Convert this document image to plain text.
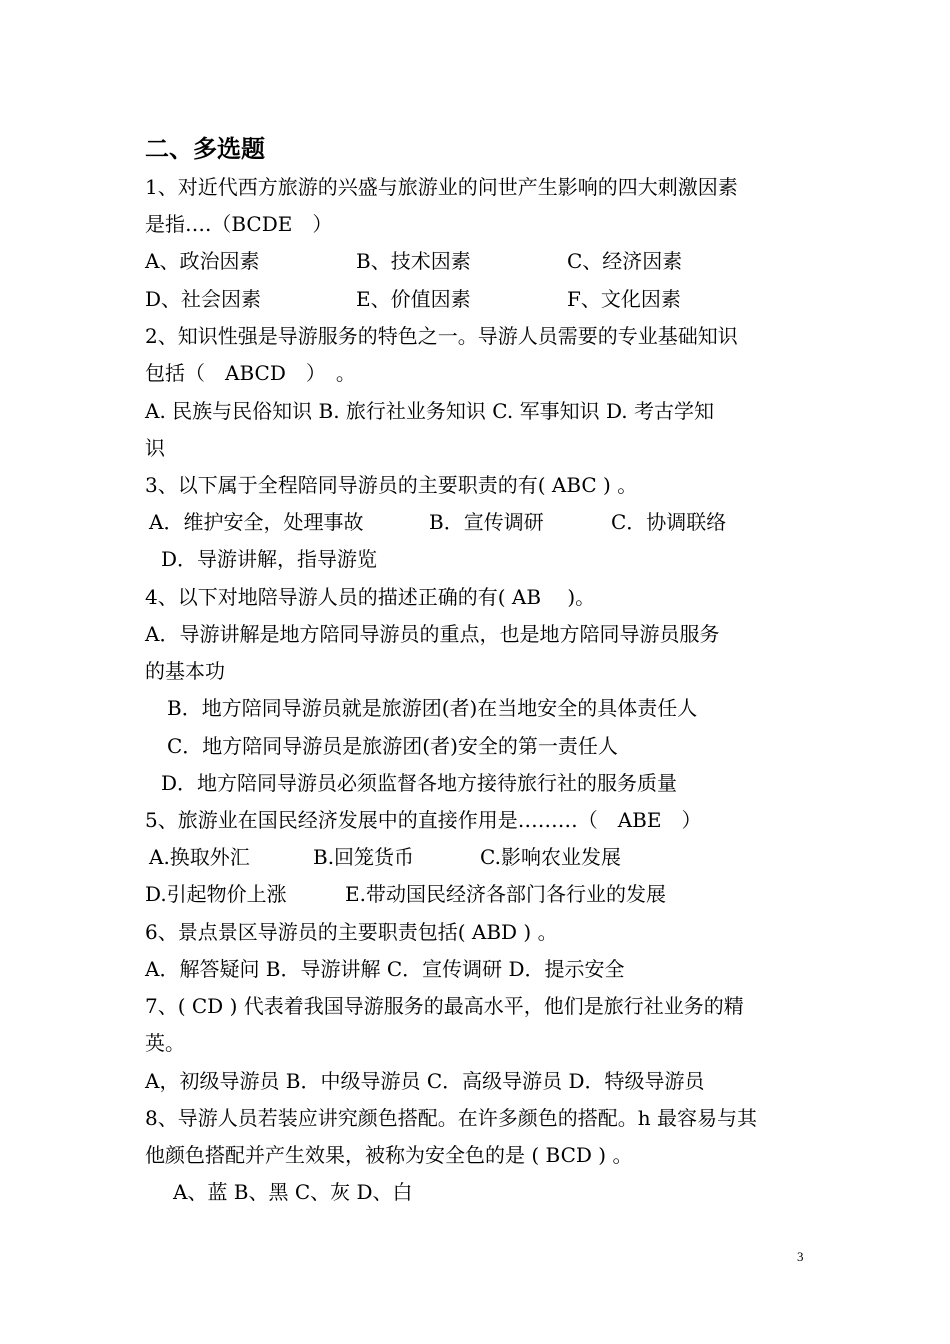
二、多选题
1、对近代西方旅游的兴盛与旅游业的问世产生影响的四大刺激因素
是指….（BCDE　）
A、政治因素	B、技术因素	C、经济因素
D、社会因素	E、价值因素	F、文化因素
2、知识性强是导游服务的特色之一。导游人员需要的专业基础知识
包括（　ABCD　）　。
A. 民族与民俗知识 B. 旅行社业务知识 C. 军事知识 D. 考古学知
识
3、以下属于全程陪同导游员的主要职责的有( ABC ) 。
A．维护安全，处理事故	B．宣传调研	C．协调联络
D．导游讲解，指导游览
4、以下对地陪导游人员的描述正确的有( AB　 )。
A．导游讲解是地方陪同导游员的重点，也是地方陪同导游员服务
的基本功
B．地方陪同导游员就是旅游团(者)在当地安全的具体责任人
C．地方陪同导游员是旅游团(者)安全的第一责任人
D．地方陪同导游员必须监督各地方接待旅行社的服务质量
5、旅游业在国民经济发展中的直接作用是………（　ABE　）
A.换取外汇	B.回笼货币	C.影响农业发展
D.引起物价上涨	E.带动国民经济各部门各行业的发展
6、景点景区导游员的主要职责包括( ABD ) 。
A．解答疑问 B．导游讲解 C．宣传调研 D．提示安全
7、( CD ) 代表着我国导游服务的最高水平，他们是旅行社业务的精
英。
A，初级导游员 B．中级导游员 C．高级导游员 D．特级导游员
8、导游人员若装应讲究颜色搭配。在许多颜色的搭配。h 最容易与其
他颜色搭配并产生效果，被称为安全色的是 ( BCD ) 。
A、蓝 B、黑 C、灰 D、白
3
